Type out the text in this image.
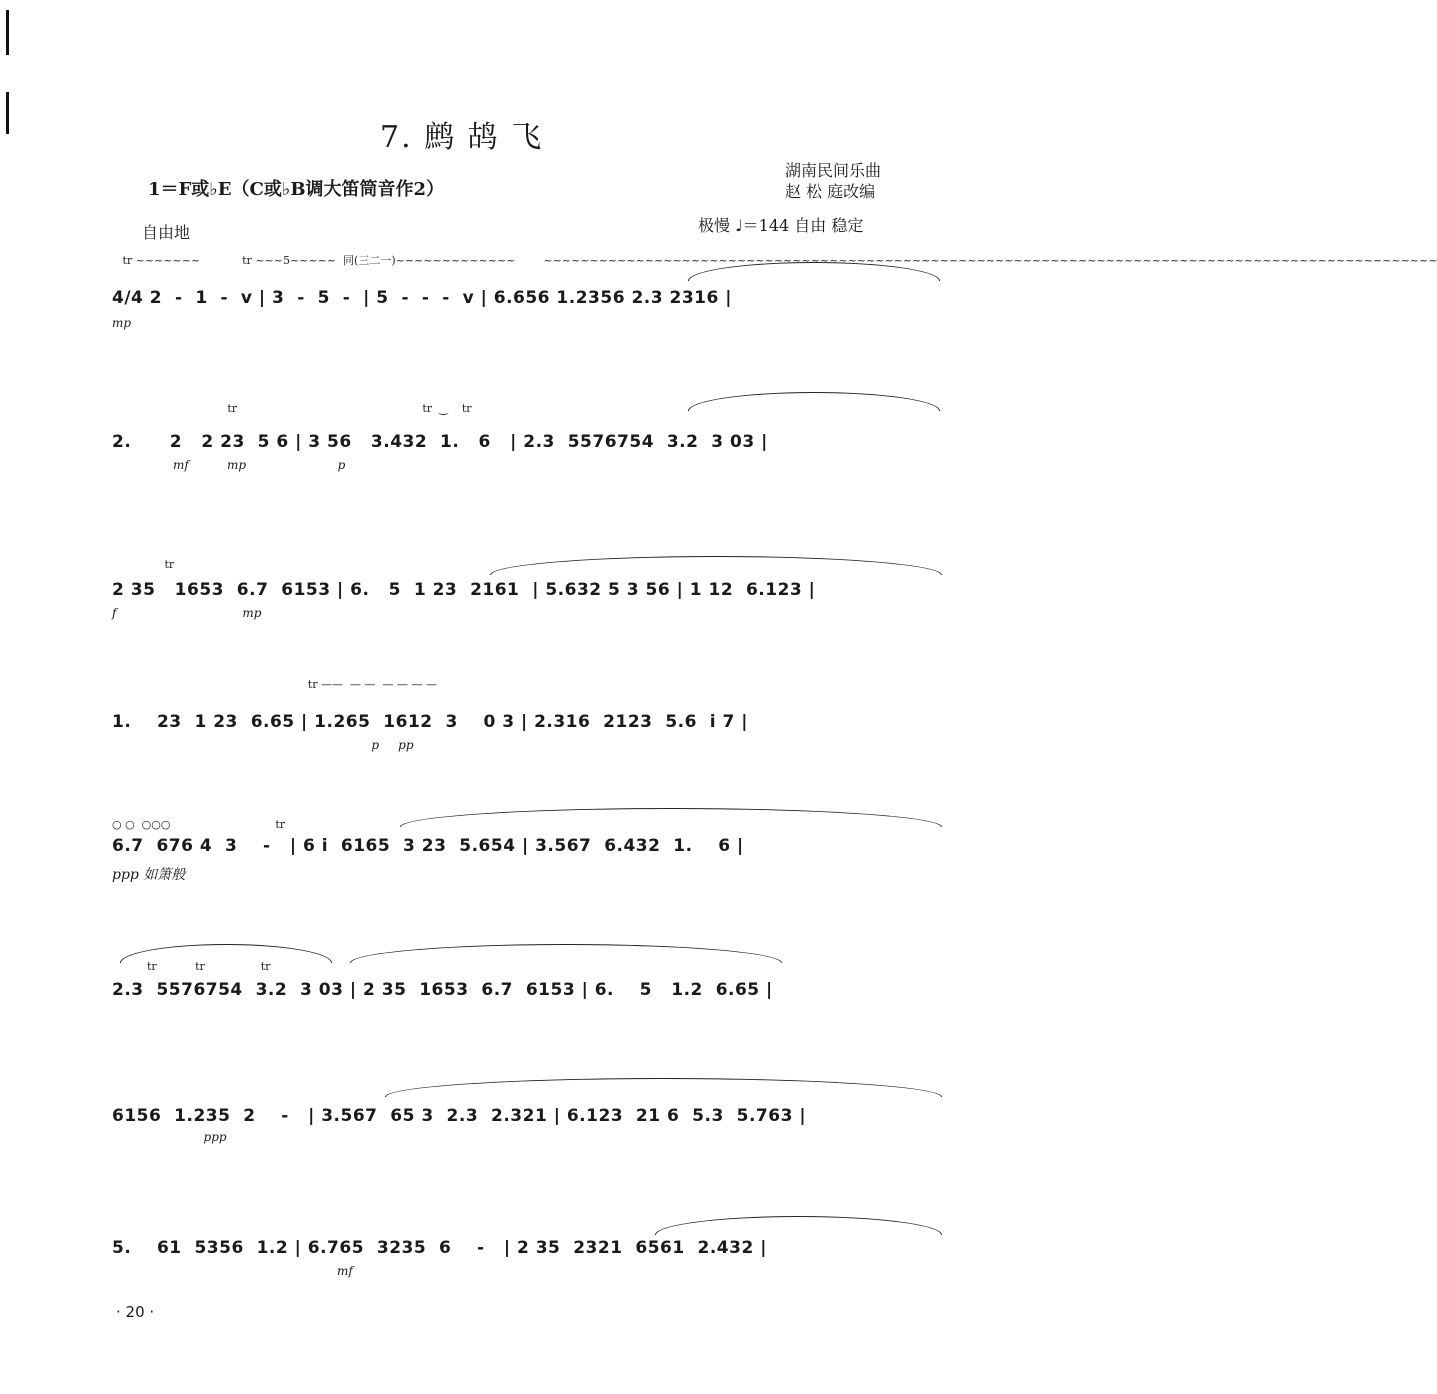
7. 鹧 鸪 飞
1＝F或♭E（C或♭B调大笛筒音作2）
湖南民间乐曲
赵 松 庭改编
自由地	极慢 ♩＝144 自由 稳定
tr ~~~~~~~            tr ~~~5~~~~~  同(三二一)~~~~~~~~~~~~~        ~~~~~~~~~~~~~~~~~~~~~~~~~~~~~~~~~~~~~~~~~~~~~~~~~~~~~~~~~~~~~~~~~~~~~~~~~~~~~~~~~~~~~~~~~~~~~~~~~
4/4 2  -  1  -  v | 3  -  5  -  | 5  -  -  -  v | 6.656 1.2356 2.3 2316 |
mp
tr                                                     tr  ‿    tr
2.      2   2 23  5 6 | 3 56   3.432  1.   6   | 2.3  5576754  3.2  3 03 |
mf          mp                        p
tr
2 35   1653  6.7  6153 | 6.   5  1 23  2161  | 5.632 5 3 56 | 1 12  6.123 |
f                                 mp
tr ——  — —  — — — —
1.    23  1 23  6.65 | 1.265  1612  3    0 3 | 2.316  2123  5.6  i 7 |
p     pp
○ ○  ○○○                              tr
6.7  676 4  3    -   | 6 i  6165  3 23  5.654 | 3.567  6.432  1.    6 |
ppp 如箫般
tr           tr                tr
2.3  5576754  3.2  3 03 | 2 35  1653  6.7  6153 | 6.    5   1.2  6.65 |
6156  1.235  2    -   | 3.567  65 3  2.3  2.321 | 6.123  21 6  5.3  5.763 |
ppp
5.    61  5356  1.2 | 6.765  3235  6    -   | 2 35  2321  6561  2.432 |
mf
· 20 ·
